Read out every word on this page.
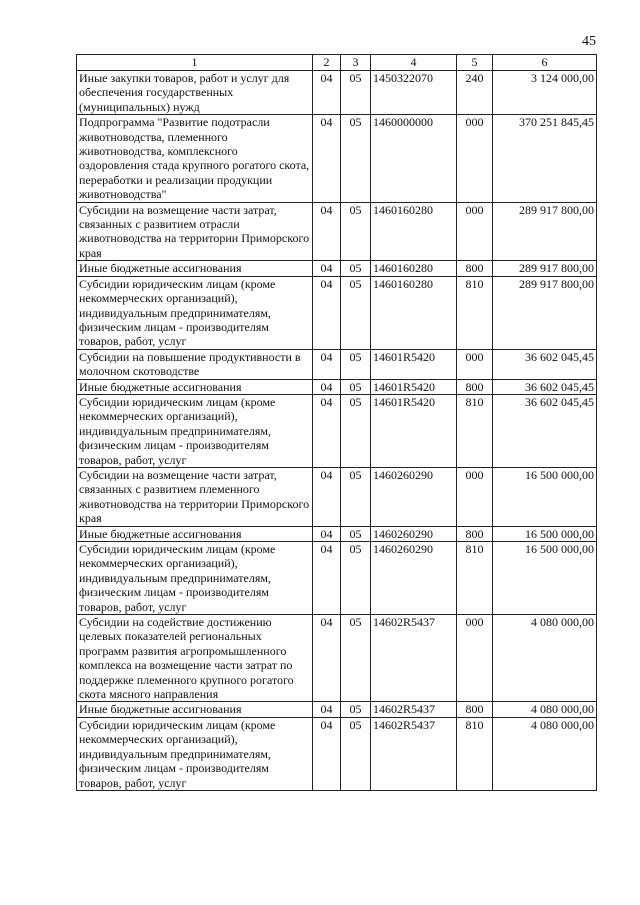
45
1	2	3	4	5	6
Иные закупки товаров, работ и услуг для обеспечения государственных (муниципальных) нужд	04	05	1450322070	240	3 124 000,00
Подпрограмма "Развитие подотрасли животноводства, племенного животноводства, комплексного оздоровления стада крупного рогатого скота, переработки и реализации продукции животноводства"	04	05	1460000000	000	370 251 845,45
Субсидии на возмещение части затрат, связанных с развитием отрасли животноводства на территории Приморского края	04	05	1460160280	000	289 917 800,00
Иные бюджетные ассигнования	04	05	1460160280	800	289 917 800,00
Субсидии юридическим лицам (кроме некоммерческих организаций), индивидуальным предпринимателям, физическим лицам - производителям товаров, работ, услуг	04	05	1460160280	810	289 917 800,00
Субсидии на повышение продуктивности в молочном скотоводстве	04	05	14601R5420	000	36 602 045,45
Иные бюджетные ассигнования	04	05	14601R5420	800	36 602 045,45
Субсидии юридическим лицам (кроме некоммерческих организаций), индивидуальным предпринимателям, физическим лицам - производителям товаров, работ, услуг	04	05	14601R5420	810	36 602 045,45
Субсидии на возмещение части затрат, связанных с развитием племенного животноводства на территории Приморского края	04	05	1460260290	000	16 500 000,00
Иные бюджетные ассигнования	04	05	1460260290	800	16 500 000,00
Субсидии юридическим лицам (кроме некоммерческих организаций), индивидуальным предпринимателям, физическим лицам - производителям товаров, работ, услуг	04	05	1460260290	810	16 500 000,00
Субсидии на содействие достижению целевых показателей региональных программ развития агропромышленного комплекса на возмещение части затрат по поддержке племенного крупного рогатого скота мясного направления	04	05	14602R5437	000	4 080 000,00
Иные бюджетные ассигнования	04	05	14602R5437	800	4 080 000,00
Субсидии юридическим лицам (кроме некоммерческих организаций), индивидуальным предпринимателям, физическим лицам - производителям товаров, работ, услуг	04	05	14602R5437	810	4 080 000,00
